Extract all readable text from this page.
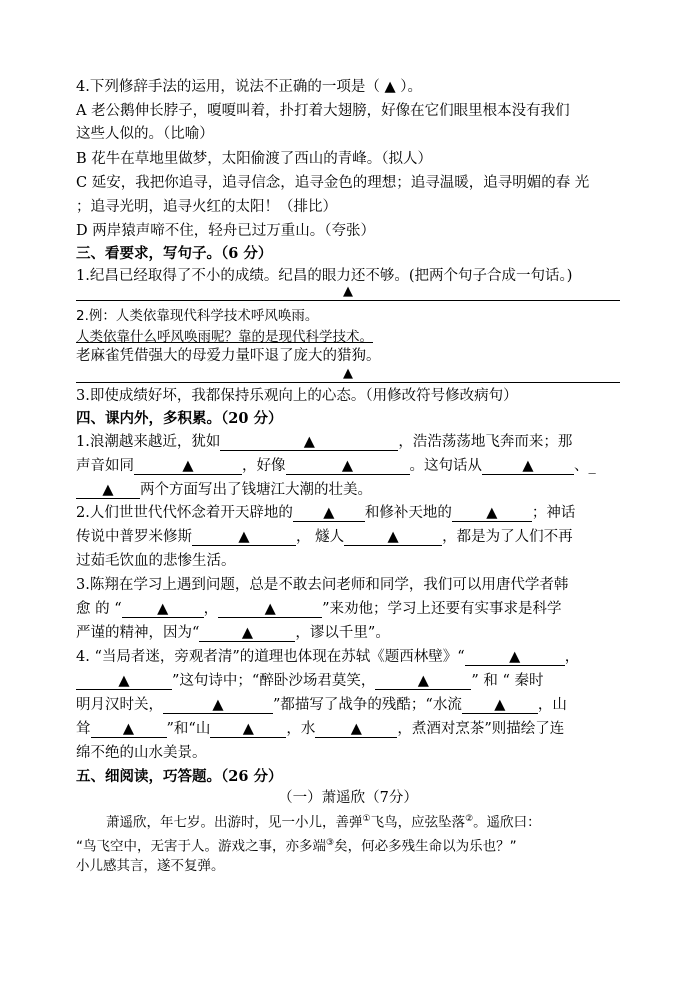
4.下列修辞手法的运用，说法不正确的一项是（ ▲ ）。
A 老公鹅伸长脖子，嗄嗄叫着，扑打着大翅膀，好像在它们眼里根本没有我们
这些人似的。（比喻）
B 花牛在草地里做梦，太阳偷渡了西山的青峰。（拟人）
C 延安，我把你追寻，追寻信念，追寻金色的理想；追寻温暖，追寻明媚的春 光
；追寻光明，追寻火红的太阳！（排比）
D 两岸猿声啼不住，轻舟已过万重山。（夸张）
三、看要求，写句子。（6 分）
1.纪昌已经取得了不小的成绩。纪昌的眼力还不够。(把两个句子合成一句话。)
▲
2.例：人类依靠现代科学技术呼风唤雨。
人类依靠什么呼风唤雨呢？靠的是现代科学技术。
老麻雀凭借强大的母爱力量吓退了庞大的猎狗。
▲
3.即使成绩好坏，我都保持乐观向上的心态。（用修改符号修改病句）
四、课内外，多积累。（20 分）
1.浪潮越来越近，犹如	▲	，浩浩荡荡地飞奔而来；那
声音如同	▲	，好像	▲	。这句话从	▲	、_
▲ 两个方面写出了钱塘江大潮的壮美。
2.人们世世代代怀念着开天辟地的 ▲ 和修补天地的 ▲ ；神话
传说中普罗米修斯	▲	， 燧人	▲	，都是为了人们不再
过茹毛饮血的悲惨生活。
3.陈翔在学习上遇到问题，总是不敢去问老师和同学，我们可以用唐代学者韩
愈 的 “ ▲ ，	▲	”来劝他；学习上还要有实事求是科学
严谨的精神，因为“	▲	，谬以千里”。
4. “当局者迷，旁观者清”的道理也体现在苏轼《题西林壁》“	▲	，
▲	”这句诗中；“醉卧沙场君莫笑，	▲	” 和 “ 秦时
明月汉时关，	▲	”都描写了战争的残酷；“水流 ▲ ，山
耸 ▲ ”和“山 ▲ ，水 ▲ ，煮酒对烹茶”则描绘了连
绵不绝的山水美景。
五、细阅读，巧答题。（26 分）
（一）萧遥欣（7分）
萧遥欣，年七岁。出游时，见一小儿，善弹①飞鸟，应弦坠落②。遥欣曰：
“鸟飞空中，无害于人。游戏之事，亦多端③矣，何必多残生命以为乐也？”
小儿感其言，遂不复弹。
